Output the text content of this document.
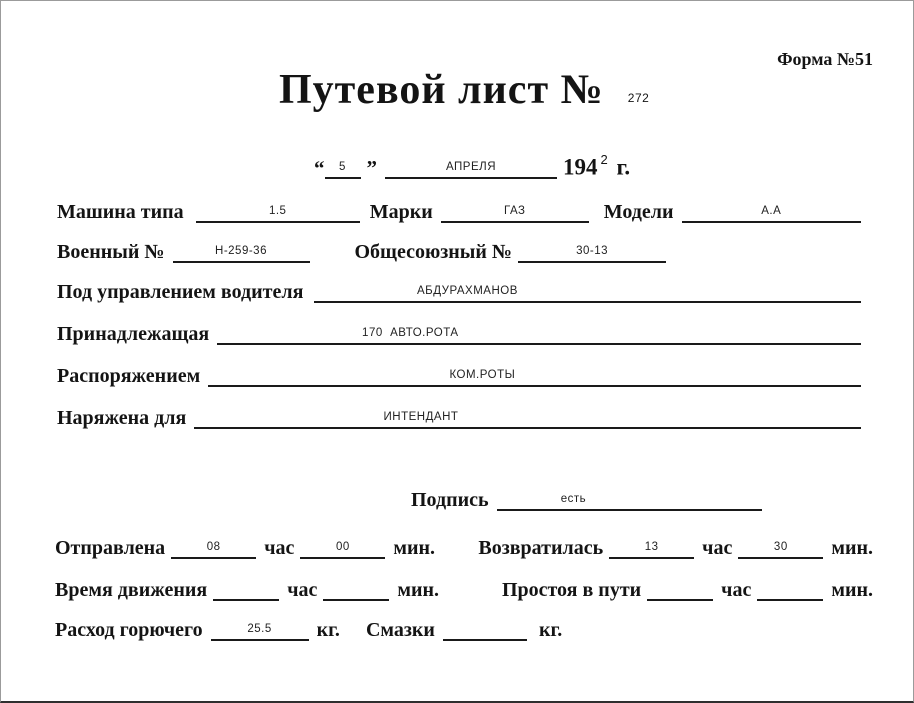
Форма №51
Путевой лист № 272
“ 5 ”	АПРЕЛЯ	194 $^2$ г.
Машина типа	1.5	Марки	ГАЗ	Модели	А.А
Военный №	Н-259-36	Общесоюзный №	30-13
Под управлением водителя	АБДУРАХМАНОВ
Принадлежащая	170  АВТО.РОТА
Распоряжением	КОМ.РОТЫ
Наряжена для	ИНТЕНДАНТ
Подпись	есть
Отправлена	08 час	00 мин. Возвратилась	13 час	30 мин.
Время движения	час	мин.	Простоя в пути	час	мин.
Расход горючего	25.5 кг. Смазки	кг.
